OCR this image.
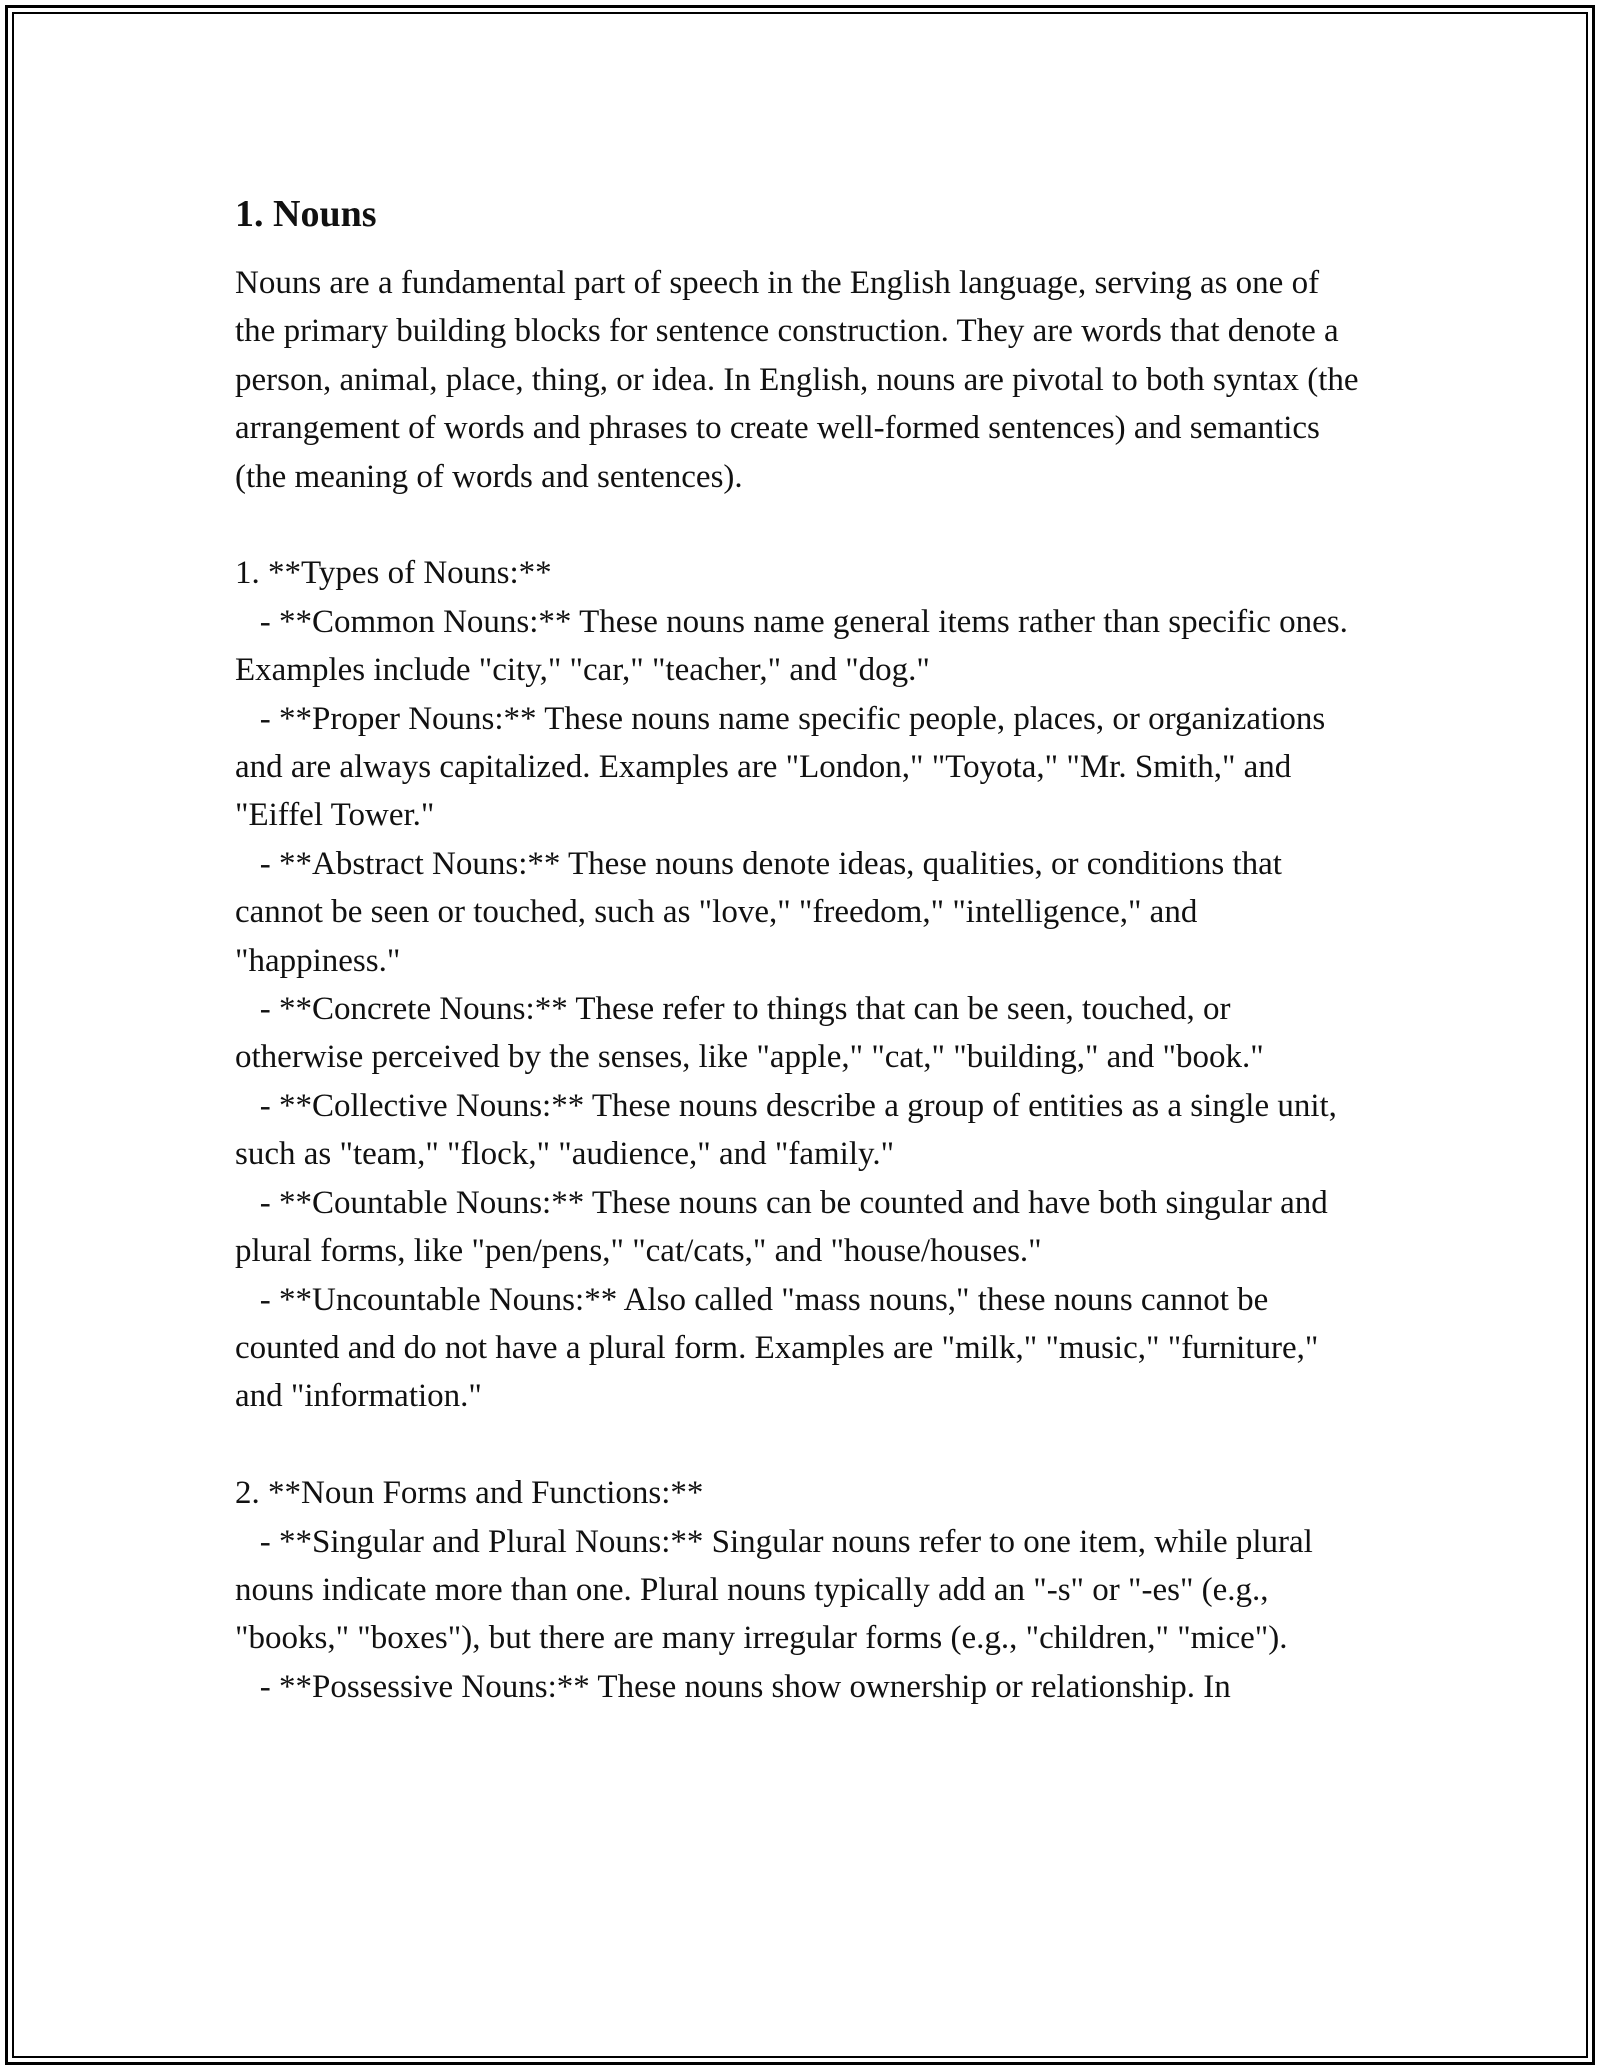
1. Nouns

Nouns are a fundamental part of speech in the English language, serving as one of the primary building blocks for sentence construction. They are words that denote a person, animal, place, thing, or idea. In English, nouns are pivotal to both syntax (the arrangement of words and phrases to create well-formed sentences) and semantics (the meaning of words and sentences).

1. **Types of Nouns:**

- **Common Nouns:** These nouns name general items rather than specific ones. Examples include "city," "car," "teacher," and "dog."

- **Proper Nouns:** These nouns name specific people, places, or organizations and are always capitalized. Examples are "London," "Toyota," "Mr. Smith," and "Eiffel Tower."

- **Abstract Nouns:** These nouns denote ideas, qualities, or conditions that cannot be seen or touched, such as "love," "freedom," "intelligence," and "happiness."

- **Concrete Nouns:** These refer to things that can be seen, touched, or otherwise perceived by the senses, like "apple," "cat," "building," and "book."

- **Collective Nouns:** These nouns describe a group of entities as a single unit, such as "team," "flock," "audience," and "family."

- **Countable Nouns:** These nouns can be counted and have both singular and plural forms, like "pen/pens," "cat/cats," and "house/houses."

- **Uncountable Nouns:** Also called "mass nouns," these nouns cannot be counted and do not have a plural form. Examples are "milk," "music," "furniture," and "information."

2. **Noun Forms and Functions:**

- **Singular and Plural Nouns:** Singular nouns refer to one item, while plural nouns indicate more than one. Plural nouns typically add an "-s" or "-es" (e.g., "books," "boxes"), but there are many irregular forms (e.g., "children," "mice").

- **Possessive Nouns:** These nouns show ownership or relationship. In
